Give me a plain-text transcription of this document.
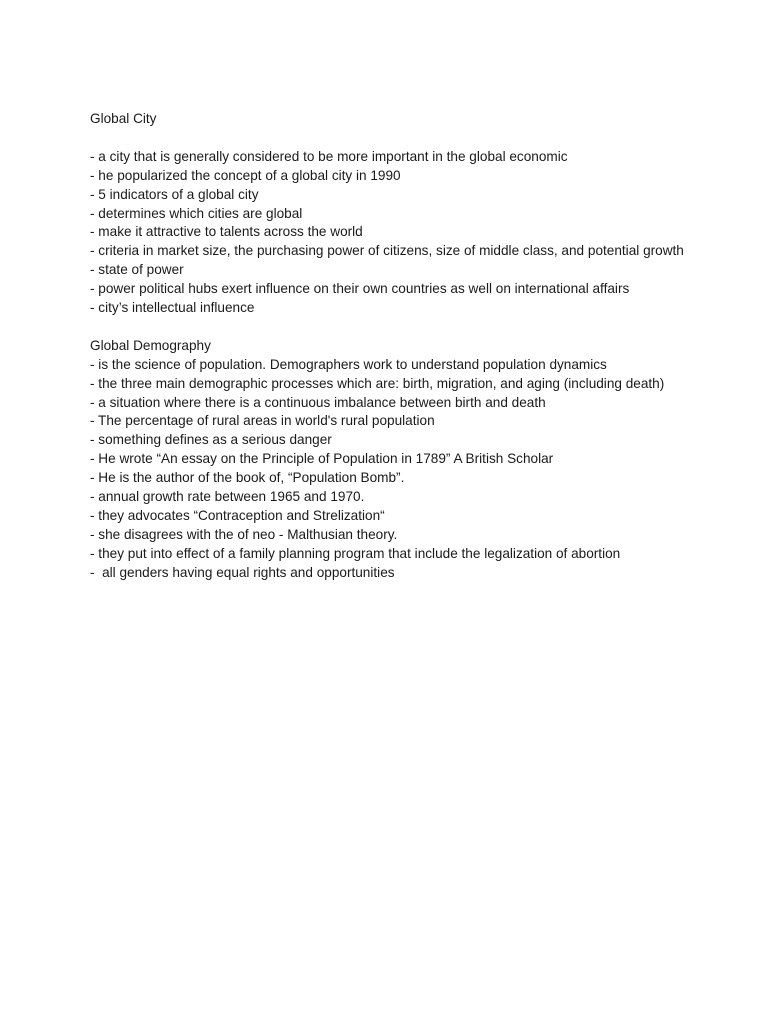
Global City

- a city that is generally considered to be more important in the global economic
- he popularized the concept of a global city in 1990
- 5 indicators of a global city
- determines which cities are global
- make it attractive to talents across the world
- criteria in market size, the purchasing power of citizens, size of middle class, and potential growth
- state of power
- power political hubs exert influence on their own countries as well on international affairs
- city’s intellectual influence

Global Demography

- is the science of population. Demographers work to understand population dynamics
- the three main demographic processes which are: birth, migration, and aging (including death)
- a situation where there is a continuous imbalance between birth and death
- The percentage of rural areas in world's rural population
- something defines as a serious danger
- He wrote “An essay on the Principle of Population in 1789” A British Scholar
- He is the author of the book of, “Population Bomb”.
- annual growth rate between 1965 and 1970.
- they advocates “Contraception and Strelization“
- she disagrees with the of neo - Malthusian theory.
- they put into effect of a family planning program that include the legalization of abortion
-  all genders having equal rights and opportunities
